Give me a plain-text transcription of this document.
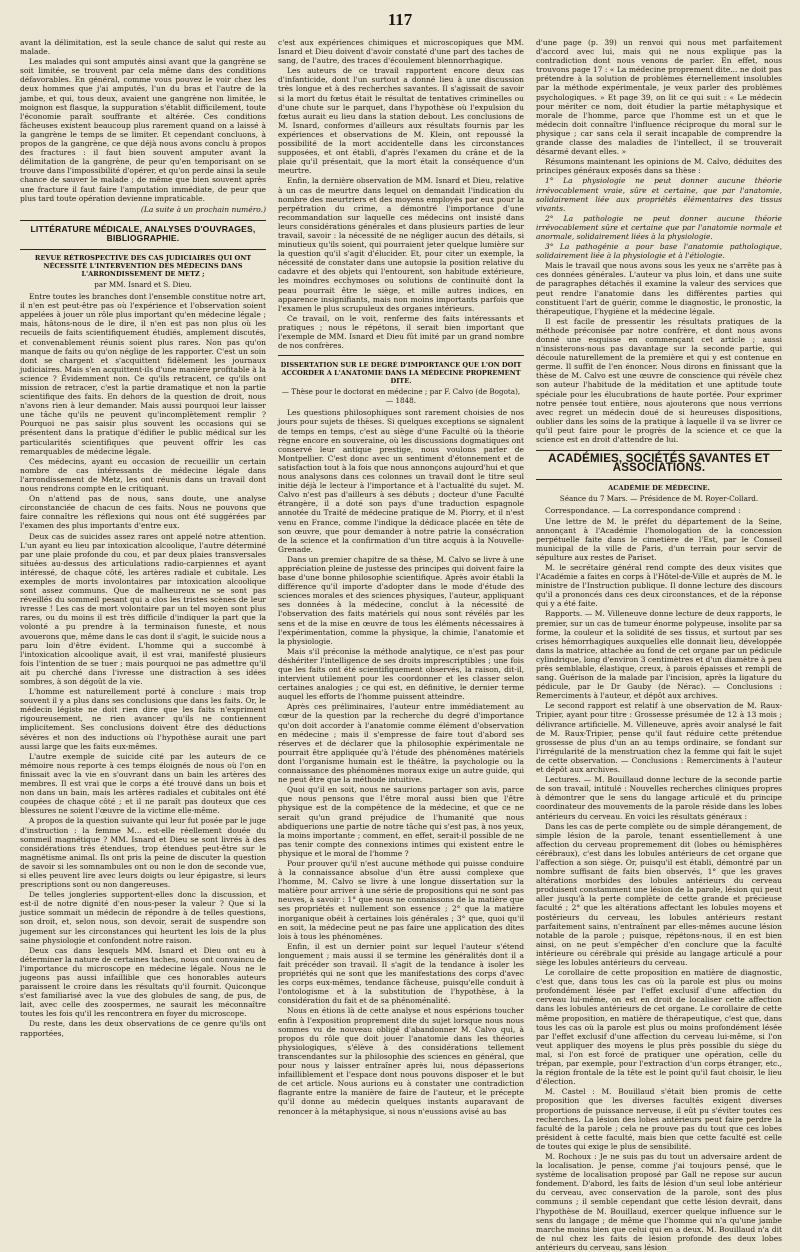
117

avant la délimitation, est la seule chance de salut qui reste au malade.

Les malades qui sont amputés ainsi avant que la gangrène se soit limitée, se trouvent par cela même dans des conditions défavorables. En général, comme vous pouvez le voir chez les deux hommes que j'ai amputés, l'un du bras et l'autre de la jambe, et qui, tous deux, avaient une gangrène non limitée, le moignon est flasque, la suppuration s'établit difficilement, toute l'économie paraît souffrante et altérée. Ces conditions fâcheuses existent beaucoup plus rarement quand on a laissé à la gangrène le temps de se limiter. Et cependant concluons, à propos de la gangrène, ce que déjà nous avons conclu à propos des fractures : il faut bien souvent amputer avant la délimitation de la gangrène, de peur qu'en temporisant on se trouve dans l'impossibilité d'opérer, et qu'on perde ainsi la seule chance de sauver le malade ; de même que bien souvent après une fracture il faut faire l'amputation immédiate, de peur que plus tard toute opération devienne impraticable.

(La suite à un prochain numéro.)

LITTÉRATURE MÉDICALE, ANALYSES D'OUVRAGES, BIBLIOGRAPHIE.
REVUE RÉTROSPECTIVE DES CAS JUDICIAIRES QUI ONT NÉCESSITÉ L'INTERVENTION DES MÉDECINS DANS L'ARRONDISSEMENT DE METZ ;
par MM. Isnard et S. Dieu.

Entre toutes les branches dont l'ensemble constitue notre art, il n'en est peut-être pas où l'expérience et l'observation soient appelées à jouer un rôle plus important qu'en médecine légale ; mais, hâtons-nous de le dire, il n'en est pas non plus où les recueils de faits scientifiquement étudiés, amplement discutés, et convenablement réunis soient plus rares. Non pas qu'on manque de faits ou qu'on néglige de les rapporter. C'est un soin dont se chargent et s'acquittent fidèlement les journaux judiciaires. Mais s'en acquittent-ils d'une manière profitable à la science ? Évidemment non. Ce qu'ils retracent, ce qu'ils ont mission de retracer, c'est la partie dramatique et non la partie scientifique des faits. En dehors de la question de droit, nous n'avons rien à leur demander. Mais aussi pourquoi leur laisser une tâche qu'ils ne peuvent qu'incomplètement remplir ? Pourquoi ne pas saisir plus souvent les occasions qui se présentent dans la pratique d'édifier le public médical sur les particularités scientifiques que peuvent offrir les cas remarquables de médecine légale.

Ces médecins, ayant eu occasion de recueillir un certain nombre de cas intéressants de médecine légale dans l'arrondissement de Metz, les ont réunis dans un travail dont nous rendrons compte en le critiquant.

On n'attend pas de nous, sans doute, une analyse circonstanciée de chacun de ces faits. Nous ne pouvons que faire connaître les réflexions qui nous ont été suggérées par l'examen des plus importants d'entre eux.

Deux cas de suicides assez rares ont appelé notre attention. L'un ayant eu lieu par intoxication alcoolique, l'autre déterminé par une plaie profonde du cou, et par deux plaies transversales situées au-dessus des articulations radio-carpiennes et ayant intéressé, de chaque côté, les artères radiale et cubitale. Les exemples de morts involontaires par intoxication alcoolique sont assez communs. Que de malheureux ne se sont pas réveillés du sommeil pesant qui a clos les tristes scènes de leur ivresse ! Les cas de mort volontaire par un tel moyen sont plus rares, ou du moins il est très difficile d'indiquer la part que la volonté a pu prendre à la terminaison funeste, et nous avouerons que, même dans le cas dont il s'agit, le suicide nous a paru loin d'être évident. L'homme qui a succombé à l'intoxication alcoolique avait, il est vrai, manifesté plusieurs fois l'intention de se tuer ; mais pourquoi ne pas admettre qu'il ait pu cherché dans l'ivresse une distraction à ses idées sombres, à son dégoût de la vie.

L'homme est naturellement porté à conclure : mais trop souvent il y a plus dans ses conclusions que dans les faits. Or, le médecin légiste ne doit rien dire que les faits n'expriment rigoureusement, ne rien avancer qu'ils ne contiennent implicitement. Ses conclusions doivent être des déductions sévères et non des inductions où l'hypothèse aurait une part aussi large que les faits eux-mêmes.

L'autre exemple de suicide cité par les auteurs de ce mémoire nous reporte à ces temps éloignés de nous où l'on en finissait avec la vie en s'ouvrant dans un bain les artères des membres. Il est vrai que le corps a été trouvé dans un bois et non dans un bain, mais les artères radiales et cubitales ont été coupées de chaque côté ; et il ne paraît pas douteux que ces blessures ne soient l'œuvre de la victime elle-même.

A propos de la question suivante qui leur fut posée par le juge d'instruction : la femme M... est-elle réellement douée du sommeil magnétique ? MM. Isnard et Dieu se sont livrés à des considérations très étendues, trop étendues peut-être sur le magnétisme animal. Ils ont pris la peine de discuter la question de savoir si les somnambules ont ou non le don de seconde vue, si elles peuvent lire avec leurs doigts ou leur épigastre, si leurs prescriptions sont ou non dangereuses.

De telles jongleries supportent-elles donc la discussion, et est-il de notre dignité d'en nous-peser la valeur ? Que si la justice sommait un médecin de répondre à de telles questions, son droit, et, selon nous, son devoir, serait de suspendre son jugement sur les circonstances qui heurtent les lois de la plus saine physiologie et confondent notre raison.

Deux cas dans lesquels MM. Isnard et Dieu ont eu à déterminer la nature de certaines taches, nous ont convaincu de l'importance du microscope en médecine légale. Nous ne le jugeons pas aussi infaillible que ces honorables auteurs paraissent le croire dans les résultats qu'il fournit. Quiconque s'est familiarisé avec la vue des globules de sang, de pus, de lait, avec celle des zoospermes, ne saurait les méconnaître toutes les fois qu'il les rencontrera en foyer du microscope.

Du reste, dans les deux observations de ce genre qu'ils ont rapportées,

c'est aux expériences chimiques et microscopiques que MM. Isnard et Dieu doivent d'avoir constaté d'une part des taches de sang, de l'autre, des traces d'écoulement blennorrhagique.

Les auteurs de ce travail rapportent encore deux cas d'infanticide, dont l'un surtout a donné lieu à une discussion très longue et à des recherches savantes. Il s'agissait de savoir si la mort du fœtus était le résultat de tentatives criminelles ou d'une chute sur le parquet, dans l'hypothèse où l'expulsion du fœtus aurait eu lieu dans la station debout. Les conclusions de M. Isnard, conformes d'ailleurs aux résultats fournis par les expériences et observations de M. Klein, ont repoussé la possibilité de la mort accidentelle dans les circonstances supposées, et ont établi, d'après l'examen du crâne et de la plaie qu'il présentait, que la mort était la conséquence d'un meurtre.

Enfin, la dernière observation de MM. Isnard et Dieu, relative à un cas de meurtre dans lequel on demandait l'indication du nombre des meurtriers et des moyens employés par eux pour la perpétration du crime, a démontré l'importance d'une recommandation sur laquelle ces médecins ont insisté dans leurs considérations générales et dans plusieurs parties de leur travail, savoir : la nécessité de ne négliger aucun des détails, si minutieux qu'ils soient, qui pourraient jeter quelque lumière sur la question qu'il s'agit d'élucider. Et, pour citer un exemple, la nécessité de constater dans une autopsie la position relative du cadavre et des objets qui l'entourent, son habitude extérieure, les moindres ecchymoses ou solutions de continuité dont la peau pourrait être le siège, et mille autres indices, en apparence insignifiants, mais non moins importants parfois que l'examen le plus scrupuleux des organes intérieurs.

Ce travail, on le voit, renferme des faits intéressants et pratiques ; nous le répétons, il serait bien important que l'exemple de MM. Isnard et Dieu fût imité par un grand nombre de nos confrères.

DISSERTATION SUR LE DEGRÉ D'IMPORTANCE QUE L'ON DOIT ACCORDER A L'ANATOMIE DANS LA MÉDECINE PROPREMENT DITE.
— Thèse pour le doctorat en médecine ; par F. Calvo (de Bogota), — 1848.

Les questions philosophiques sont rarement choisies de nos jours pour sujets de thèses. Si quelques exceptions se signalent de temps en temps, c'est au siège d'une Faculté où la théorie règne encore en souveraine, où les discussions dogmatiques ont conservé leur antique prestige, nous voulons parler de Montpellier. C'est donc avec un sentiment d'étonnement et de satisfaction tout à la fois que nous annonçons aujourd'hui et que nous analysons dans ces colonnes un travail dont le titre seul initie déjà le lecteur à l'importance et à l'actualité du sujet. M. Calvo n'est pas d'ailleurs à ses débuts ; docteur d'une Faculté étrangère, il a doté son pays d'une traduction espagnole annotée du Traité de médecine pratique de M. Piorry, et il n'est venu en France, comme l'indique la dédicace placée en tête de son œuvre, que pour demander à notre patrie la consécration de la science et la confirmation d'un titre acquis à la Nouvelle-Grenade.

Dans un premier chapitre de sa thèse, M. Calvo se livre à une appréciation pleine de justesse des principes qui doivent faire la base d'une bonne philosophie scientifique. Après avoir établi la différence qu'il importe d'adopter dans le mode d'étude des sciences morales et des sciences physiques, l'auteur, appliquant ses données à la médecine, conclut à la nécessité de l'observation des faits matériels qui nous sont révélés par les sens et de la mise en œuvre de tous les éléments nécessaires à l'expérimentation, comme la physique, la chimie, l'anatomie et la physiologie.

Mais s'il préconise la méthode analytique, ce n'est pas pour déshériter l'intelligence de ses droits imprescriptibles ; une fois que les faits ont été scientifiquement observés, la raison, dit-il, intervient utilement pour les coordonner et les classer selon certaines analogies ; ce qui est, en définitive, le dernier terme auquel les efforts de l'homme puissent atteindre.

Après ces préliminaires, l'auteur entre immédiatement au cœur de la question par la recherche du degré d'importance qu'on doit accorder à l'anatomie comme élément d'observation en médecine ; mais il s'empresse de faire tout d'abord ses réserves et de déclarer que la philosophie expérimentale ne pourrait être appliquée qu'à l'étude des phénomènes matériels dont l'organisme humain est le théâtre, la psychologie ou la connaissance des phénomènes moraux exige un autre guide, qui ne peut être que la méthode intuitive.

Quoi qu'il en soit, nous ne saurions partager son avis, parce que nous pensons que l'être moral aussi bien que l'être physique est de la compétence de la médecine, et que ce ne serait qu'un grand préjudice de l'humanité que nous abdiquerions une partie de notre tâche qui s'est pas, à nos yeux, la moins importante ; comment, en effet, serait-il possible de ne pas tenir compte des connexions intimes qui existent entre le physique et le moral de l'homme ?

Pour prouver qu'il n'est aucune méthode qui puisse conduire à la connaissance absolue d'un être aussi complexe que l'homme, M. Calvo se livre à une longue dissertation sur la matière pour arriver à une série de propositions qui ne sont pas neuves, à savoir : 1° que nous ne connaissons de la matière que ses propriétés et nullement son essence ; 2° que la matière inorganique obéit à certaines lois générales ; 3° que, quoi qu'il en soit, la médecine peut ne pas faire une application des dites lois à tous les phénomènes.

Enfin, il est un dernier point sur lequel l'auteur s'étend longuement ; mais aussi il se termine les généralités dont il a fait précéder son travail. Il s'agit de la tendance à isoler les propriétés qui ne sont que les manifestations des corps d'avec les corps eux-mêmes, tendance fâcheuse, puisqu'elle conduit à l'ontologisme et à la substitution de l'hypothèse, à la considération du fait et de sa phénoménalité.

Nous en étions là de cette analyse et nous espérions toucher enfin à l'exposition proprement dite du sujet lorsque nous nous sommes vu de nouveau obligé d'abandonner M. Calvo qui, à propos du rôle que doit jouer l'anatomie dans les théories physiologiques, s'élève à des considérations tellement transcendantes sur la philosophie des sciences en général, que pour nous y laisser entraîner après lui, nous dépasserions infailliblement et l'espace dont nous pouvons disposer et le but de cet article. Nous aurions eu à constater une contradiction flagrante entre la manière de faire de l'auteur, et le précepte qu'il donne au médecin quelques instants auparavant de renoncer à la métaphysique, si nous n'eussions avisé au bas

d'une page (p. 39) un renvoi qui nous met parfaitement d'accord avec lui, mais qui ne nous explique pas la contradiction dont nous venons de parler. En effet, nous trouvons page 17 : « La médecine proprement dite... ne doit pas prétendre à la solution de problèmes éternellement insolubles par la méthode expérimentale, je veux parler des problèmes psychologiques. » Et page 39, on lit ce qui suit : « Le médecin pour mériter ce nom, doit étudier la partie métaphysique et morale de l'homme, parce que l'homme est un et que le médecin doit connaître l'influence réciproque du moral sur le physique ; car sans cela il serait incapable de comprendre la grande classe des maladies de l'intellect, il se trouverait désarmé devant elles. »

Résumons maintenant les opinions de M. Calvo, déduites des principes généraux exposés dans sa thèse :

1° La physiologie ne peut donner aucune théorie irrévocablement vraie, sûre et certaine, que par l'anatomie, solidairement liée aux propriétés élémentaires des tissus vivants.

2° La pathologie ne peut donner aucune théorie irrévocablement sûre et certaine que par l'anatomie normale et anormale, solidairement liées à la physiologie.

3° La pathogénie a pour base l'anatomie pathologique, solidairement liée à la physiologie et à l'étiologie.

Mais le travail que nous avons sous les yeux ne s'arrête pas à ces données générales. L'auteur va plus loin, et dans une suite de paragraphes détachés il examine la valeur des services que peut rendre l'anatomie dans les différentes parties qui constituent l'art de guérir, comme le diagnostic, le pronostic, la thérapeutique, l'hygiène et la médecine légale.

Il est facile de pressentir les résultats pratiques de la méthode préconisée par notre confrère, et dont nous avons donné une esquisse en commençant cet article ; aussi n'insisterons-nous pas davantage sur la seconde partie, qui découle naturellement de la première et qui y est contenue en germe. Il suffit de l'en énoncer. Nous dirons en finissant que la thèse de M. Calvo est une œuvre de conscience qui révèle chez son auteur l'habitude de la méditation et une aptitude toute spéciale pour les élucubrations de haute portée. Pour exprimer notre pensée tout entière, nous ajouterons que nous verrions avec regret un médecin doué de si heureuses dispositions, oublier dans les soins de la pratique à laquelle il va se livrer ce qu'il peut faire pour le progrès de la science et ce que la science est en droit d'attendre de lui.

ACADÉMIES, SOCIÉTÉS SAVANTES ET ASSOCIATIONS.
ACADÉMIE DE MÉDECINE.
Séance du 7 Mars. — Présidence de M. Royer-Collard.

Correspondance. — La correspondance comprend :

Une lettre de M. le préfet du département de la Seine, annonçant à l'Académie l'homologation de la concession perpétuelle faite dans le cimetière de l'Est, par le Conseil municipal de la ville de Paris, d'un terrain pour servir de sépulture aux restes de Pariset.

M. le secrétaire général rend compte des deux visites que l'Académie a faites en corps à l'Hôtel-de-Ville et auprès de M. le ministre de l'Instruction publique. Il donne lecture des discours qu'il a prononcés dans ces deux circonstances, et de la réponse qui y a été faite.

Rapports. — M. Villeneuve donne lecture de deux rapports, le premier, sur un cas de tumeur énorme polypeuse, insolite par sa forme, la couleur et la solidité de ses tissus, et surtout par ses crises hémorrhagiques auxquelles elle donnait lieu, développée dans la matrice, attachée au fond de cet organe par un pédicule cylindrique, long d'environ 3 centimètres et d'un diamètre à peu près semblable, élastique, creux, à parois épaisses et rempli de sang. Guérison de la malade par l'incision, après la ligature du pédicule, par le Dr Gauby (de Nérac). — Conclusions : Remerciments à l'auteur, et dépôt aux archives.

Le second rapport est relatif à une observation de M. Raux-Tripier, ayant pour titre : Grossesse présumée de 12 à 13 mois ; délivrance artificielle. M. Villeneuve, après avoir analysé le fait de M. Raux-Tripier, pense qu'il faut réduire cette prétendue grossesse de plus d'un an au temps ordinaire, se fondant sur l'irrégularité de la menstruation chez la femme qui fait le sujet de cette observation. — Conclusions : Remerciments à l'auteur et dépôt aux archives.

Lectures. — M. Bouillaud donne lecture de la seconde partie de son travail, intitulé : Nouvelles recherches cliniques propres à démontrer que le sens du langage articulé et du principe coordinateur des mouvements de la parole réside dans les lobes antérieurs du cerveau. En voici les résultats généraux :

Dans les cas de perte complète ou de simple dérangement, de simple lésion de la parole, tenant essentiellement à une affection du cerveau propremement dit (lobes ou hémisphères cérébraux), c'est dans les lobules antérieurs de cet organe que l'affection a son siège. Or, puisqu'il est établi, démontré par un nombre suffisant de faits bien observés, 1° que les graves altérations morbides des lobules antérieurs du cerveau produisent constamment une lésion de la parole, lésion qui peut aller jusqu'à la perte complète de cette grande et précieuse faculté ; 2° que les altérations affectant les lobules moyens et postérieurs du cerveau, les lobules antérieurs restant parfaitement sains, n'entraînent par elles-mêmes aucune lésion notable de la parole ; puisque, répétons-nous, il en est bien ainsi, on ne peut s'empêcher d'en conclure que la faculté intérieure ou cérébrale qui préside au langage articulé a pour siège les lobules antérieurs du cerveau.

Le corollaire de cette proposition en matière de diagnostic, c'est que, dans tous les cas où la parole est plus ou moins profondément lésée par l'effet exclusif d'une affection du cerveau lui-même, on est en droit de localiser cette affection dans les lobules antérieurs de cet organe. Le corollaire de cette même proposition, en matière de thérapeutique, c'est que, dans tous les cas où la parole est plus ou moins profondément lésée par l'effet exclusif d'une affection du cerveau lui-même, si l'on veut appliquer des moyens le plus près possible du siège du mal, si l'on est forcé de pratiquer une opération, celle du trépan, par exemple, pour l'extraction d'un corps étranger, etc., la région frontale de la tête est le point qu'il faut choisir, le lieu d'élection.

M. Castel : M. Bouillaud s'était bien promis de cette proposition que les diverses facultés exigent diverses proportions de puissance nerveuse, il eût pu s'éviter toutes ces recherches. La lésion des lobes antérieurs peut faire perdre la faculté de la parole ; cela ne prouve pas du tout que ces lobes président à cette faculté, mais bien que cette faculté est celle de toutes qui exige le plus de sensibilité.

M. Rochoux : Je ne suis pas du tout un adversaire ardent de la localisation. Je pense, comme j'ai toujours pensé, que le système de localisation proposé par Gall ne repose sur aucun fondement. D'abord, les faits de lésion d'un seul lobe antérieur du cerveau, avec conservation de la parole, sont des plus communs ; il semble cependant que cette lésion devrait, dans l'hypothèse de M. Bouillaud, exercer quelque influence sur le sens du langage ; de même que l'homme qui n'a qu'une jambe marche moins bien que celui qui en a deux. M. Bouillaud n'a dit de nul chez les faits de lésion profonde des deux lobes antérieurs du cerveau, sans lésion
